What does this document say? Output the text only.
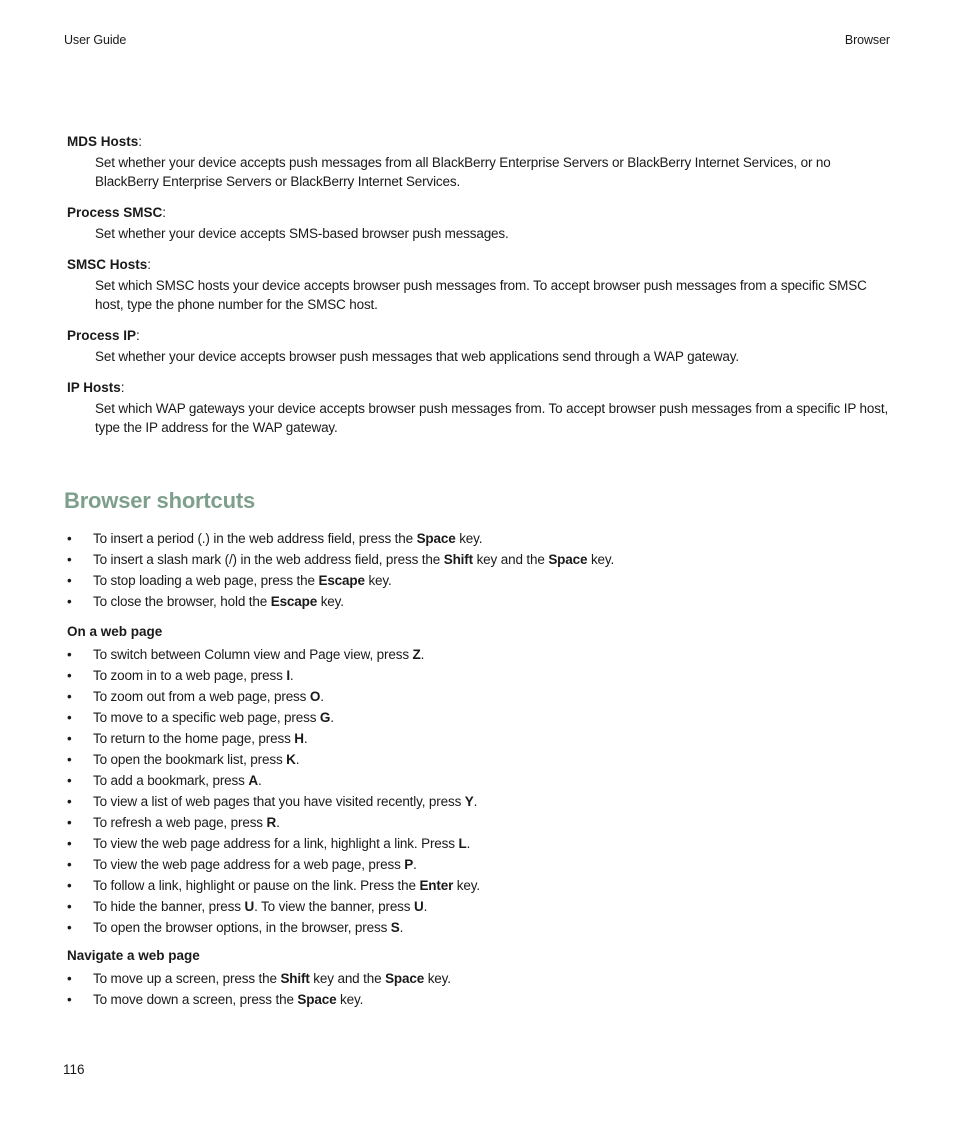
User Guide	Browser

MDS Hosts:

Set whether your device accepts push messages from all BlackBerry Enterprise Servers or BlackBerry Internet Services, or no BlackBerry Enterprise Servers or BlackBerry Internet Services.

Process SMSC:

Set whether your device accepts SMS-based browser push messages.

SMSC Hosts:

Set which SMSC hosts your device accepts browser push messages from. To accept browser push messages from a specific SMSC host, type the phone number for the SMSC host.

Process IP:

Set whether your device accepts browser push messages that web applications send through a WAP gateway.

IP Hosts:

Set which WAP gateways your device accepts browser push messages from. To accept browser push messages from a specific IP host, type the IP address for the WAP gateway.

Browser shortcuts
• To insert a period (.) in the web address field, press the Space key.
• To insert a slash mark (/) in the web address field, press the Shift key and the Space key.
• To stop loading a web page, press the Escape key.
• To close the browser, hold the Escape key.

On a web page

• To switch between Column view and Page view, press Z.
• To zoom in to a web page, press I.
• To zoom out from a web page, press O.
• To move to a specific web page, press G.
• To return to the home page, press H.
• To open the bookmark list, press K.
• To add a bookmark, press A.
• To view a list of web pages that you have visited recently, press Y.
• To refresh a web page, press R.
• To view the web page address for a link, highlight a link. Press L.
• To view the web page address for a web page, press P.
• To follow a link, highlight or pause on the link. Press the Enter key.
• To hide the banner, press U. To view the banner, press U.
• To open the browser options, in the browser, press S.

Navigate a web page

• To move up a screen, press the Shift key and the Space key.
• To move down a screen, press the Space key.
116
